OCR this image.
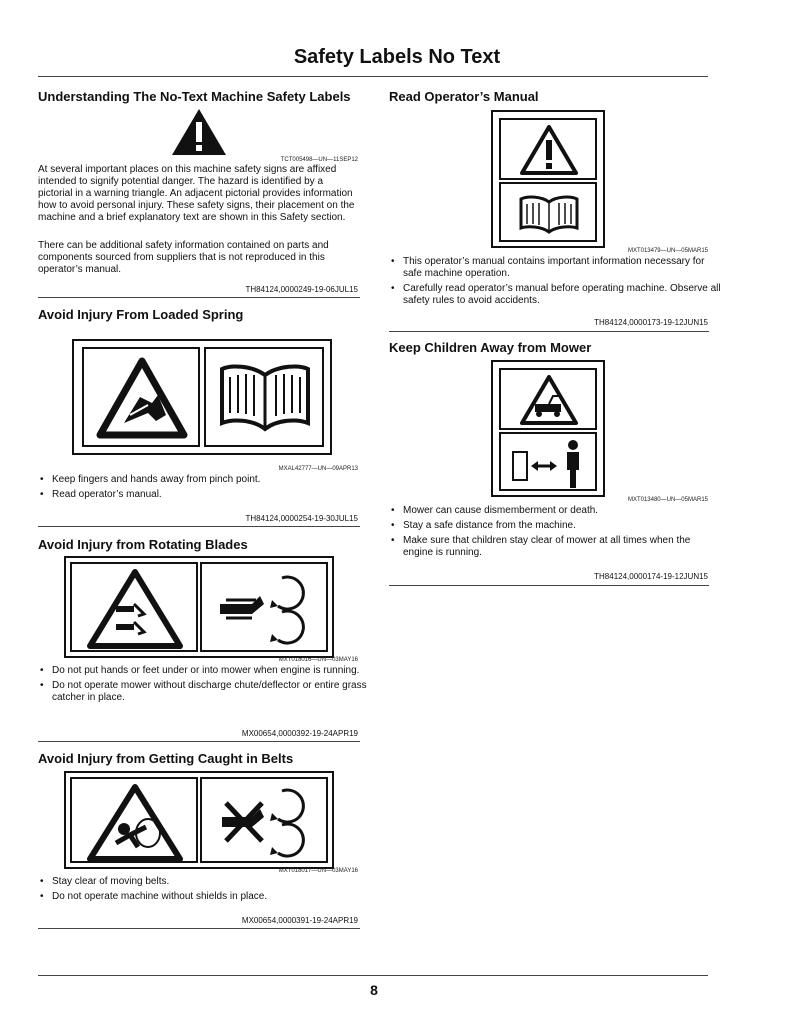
Safety Labels No Text
Understanding The No-Text Machine Safety Labels
TCT005498—UN—11SEP12
At several important places on this machine safety signs are affixed intended to signify potential danger. The hazard is identified by a pictorial in a warning triangle. An adjacent pictorial provides information how to avoid personal injury. These safety signs, their placement on the machine and a brief explanatory text are shown in this Safety section.
There can be additional safety information contained on parts and components sourced from suppliers that is not reproduced in this operator’s manual.
TH84124,0000249-19-06JUL15
Avoid Injury From Loaded Spring
MXAL42777—UN—09APR13
• Keep fingers and hands away from pinch point.
• Read operator’s manual.
TH84124,0000254-19-30JUL15
Avoid Injury from Rotating Blades
MXT018016—UN—03MAY16
• Do not put hands or feet under or into mower when engine is running.
• Do not operate mower without discharge chute/deflector or entire grass catcher in place.
MX00654,0000392-19-24APR19
Avoid Injury from Getting Caught in Belts
MXT018017—UN—03MAY16
• Stay clear of moving belts.
• Do not operate machine without shields in place.
MX00654,0000391-19-24APR19
Read Operator’s Manual
MXT013479—UN—05MAR15
• This operator’s manual contains important information necessary for safe machine operation.
• Carefully read operator’s manual before operating machine. Observe all safety rules to avoid accidents.
TH84124,0000173-19-12JUN15
Keep Children Away from Mower
MXT013480—UN—05MAR15
• Mower can cause dismemberment or death.
• Stay a safe distance from the machine.
• Make sure that children stay clear of mower at all times when the engine is running.
TH84124,0000174-19-12JUN15
8
